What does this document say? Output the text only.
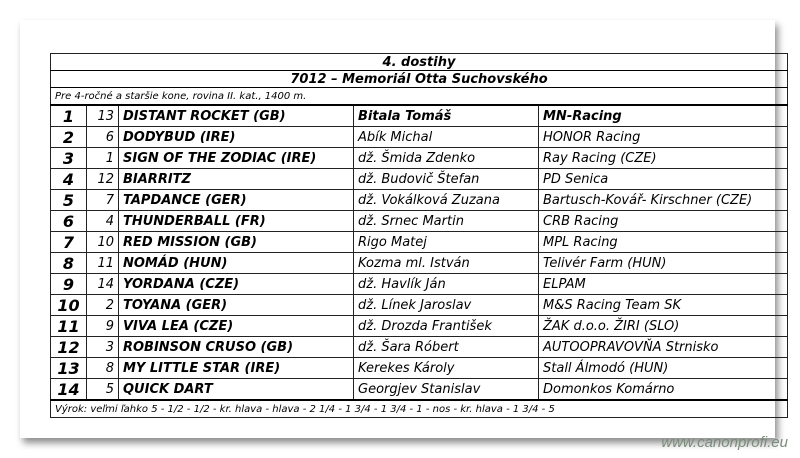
4. dostihy				
7012 – Memoriál Otta Suchovského				
Pre 4-ročné a staršie kone, rovina II. kat., 1400 m.				
1	13	DISTANT ROCKET (GB)	Bitala Tomáš	MN-Racing
2	6	DODYBUD (IRE)	Abík Michal	HONOR Racing
3	1	SIGN OF THE ZODIAC (IRE)	dž. Šmida Zdenko	Ray Racing (CZE)
4	12	BIARRITZ	dž. Budovič Štefan	PD Senica
5	7	TAPDANCE (GER)	dž. Vokálková Zuzana	Bartusch-Kovář- Kirschner (CZE)
6	4	THUNDERBALL (FR)	dž. Srnec Martin	CRB Racing
7	10	RED MISSION (GB)	Rigo Matej	MPL Racing
8	11	NOMÁD (HUN)	Kozma ml. István	Telivér Farm (HUN)
9	14	YORDANA (CZE)	dž. Havlík Ján	ELPAM
10	2	TOYANA (GER)	dž. Línek Jaroslav	M&S Racing Team SK
11	9	VIVA LEA (CZE)	dž. Drozda František	ŽAK d.o.o. ŽIRI (SLO)
12	3	ROBINSON CRUSO (GB)	dž. Šara Róbert	AUTOOPRAVOVŇA Strnisko
13	8	MY LITTLE STAR (IRE)	Kerekes Károly	Stall Álmodó (HUN)
14	5	QUICK DART	Georgjev Stanislav	Domonkos Komárno
Výrok: veľmi ľahko 5 - 1/2 - 1/2 - kr. hlava - hlava - 2 1/4 - 1 3/4 - 1 3/4 - 1 - nos - kr. hlava - 1 3/4 - 5				
www.canonprofi.eu
